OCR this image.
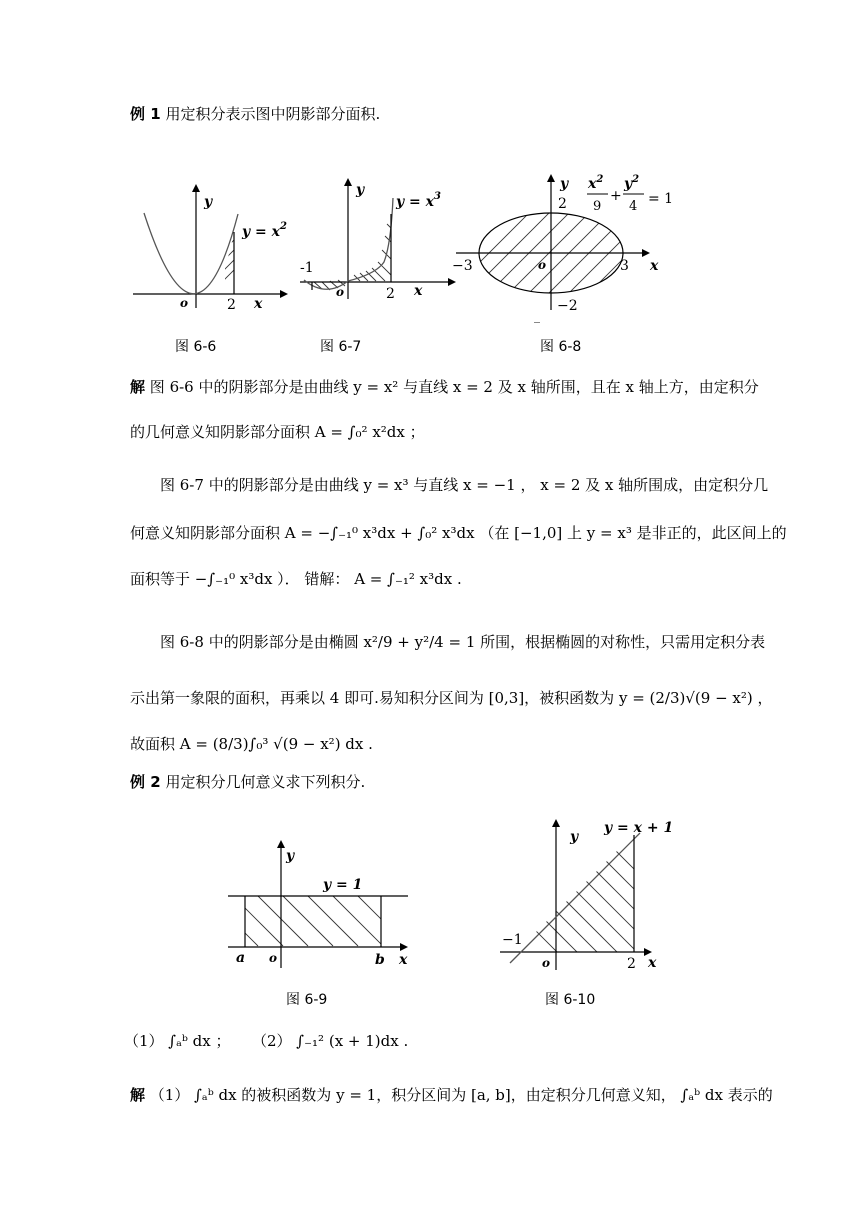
例 1 用定积分表示图中阴影部分面积.
y
$y = x^2$
o	2 x
图 6-6
y
$y = x^3$
-1
o	2 x
图 6-7
y $x^2$
9
+
$y^2$
4 = 1
2
−3	o	3 x
−2
_
图 6-8
解 图 6-6 中的阴影部分是由曲线 y = x² 与直线 x = 2 及 x 轴所围，且在 x 轴上方，由定积分
的几何意义知阴影部分面积 A = ∫₀² x²dx ；
图 6-7 中的阴影部分是由曲线 y = x³ 与直线 x = −1 ， x = 2 及 x 轴所围成，由定积分几
何意义知阴影部分面积 A = −∫₋₁⁰ x³dx + ∫₀² x³dx （在 [−1,0] 上 y = x³ 是非正的，此区间上的
面积等于 −∫₋₁⁰ x³dx ）． 错解： A = ∫₋₁² x³dx .
图 6-8 中的阴影部分是由椭圆 x²/9 + y²/4 = 1 所围，根据椭圆的对称性，只需用定积分表
示出第一象限的面积，再乘以 4 即可.易知积分区间为 [0,3]，被积函数为 y = (2/3)√(9 − x²) ，
故面积 A = (8/3)∫₀³ √(9 − x²) dx .
例 2 用定积分几何意义求下列积分.
y
y = 1
a o	b x
图 6-9
y
y = x + 1
−1
o	2 x
图 6-10
（1） ∫ₐᵇ dx ； （2） ∫₋₁² (x + 1)dx .
解 （1） ∫ₐᵇ dx 的被积函数为 y = 1，积分区间为 [a, b]，由定积分几何意义知， ∫ₐᵇ dx 表示的
